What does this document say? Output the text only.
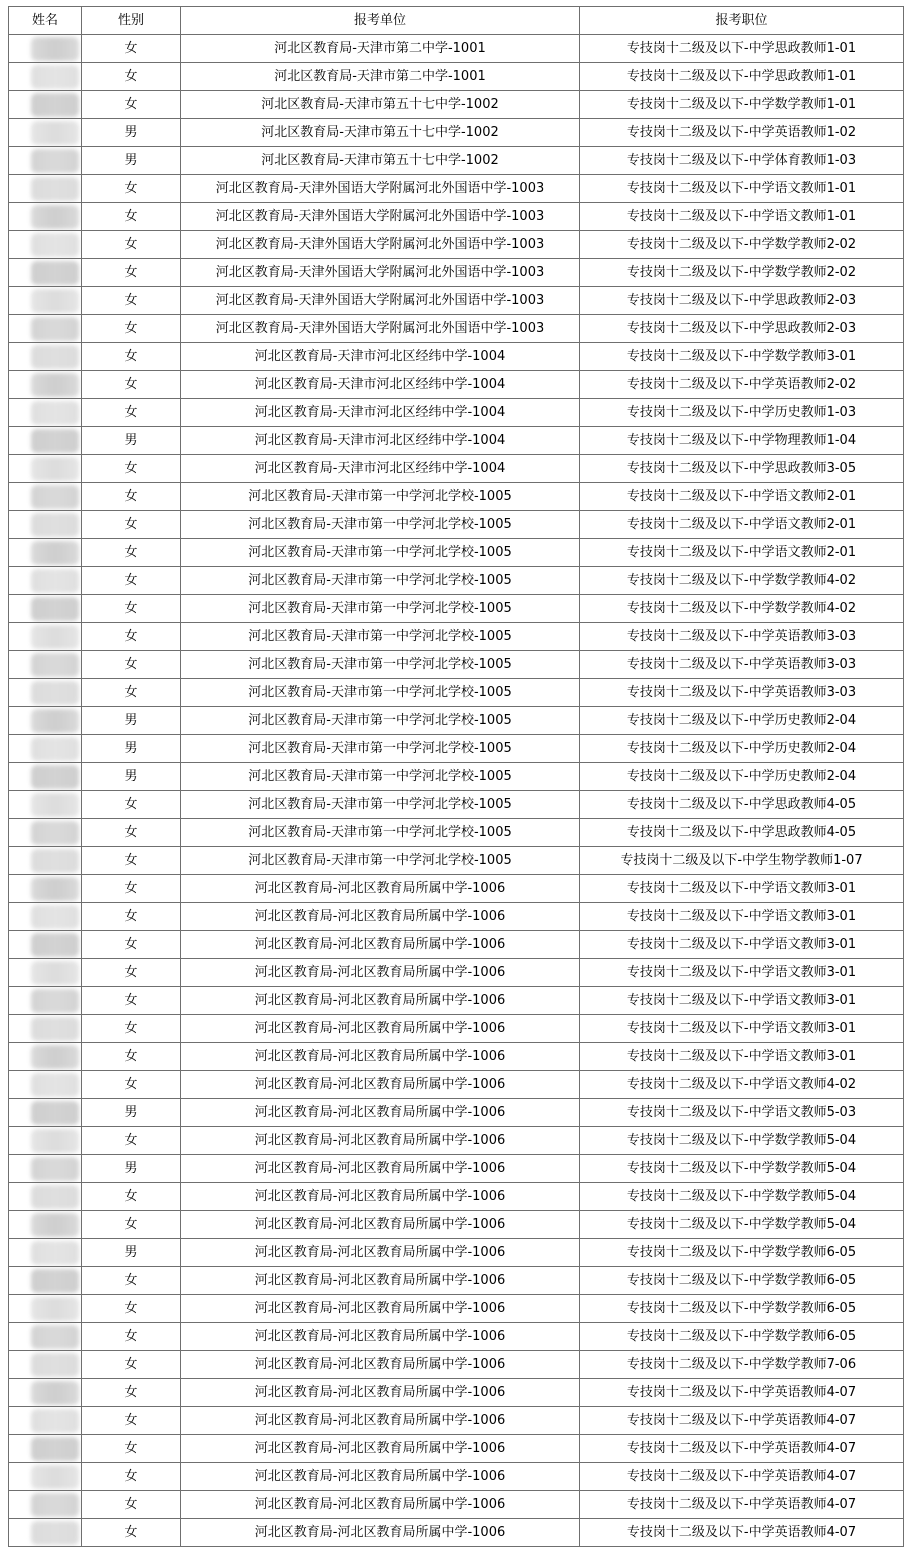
姓名	性别	报考单位	报考职位

	女	河北区教育局-天津市第二中学-1001	专技岗十二级及以下-中学思政教师1-01

	女	河北区教育局-天津市第二中学-1001	专技岗十二级及以下-中学思政教师1-01

	女	河北区教育局-天津市第五十七中学-1002	专技岗十二级及以下-中学数学教师1-01

	男	河北区教育局-天津市第五十七中学-1002	专技岗十二级及以下-中学英语教师1-02

	男	河北区教育局-天津市第五十七中学-1002	专技岗十二级及以下-中学体育教师1-03

	女	河北区教育局-天津外国语大学附属河北外国语中学-1003	专技岗十二级及以下-中学语文教师1-01

	女	河北区教育局-天津外国语大学附属河北外国语中学-1003	专技岗十二级及以下-中学语文教师1-01

	女	河北区教育局-天津外国语大学附属河北外国语中学-1003	专技岗十二级及以下-中学数学教师2-02

	女	河北区教育局-天津外国语大学附属河北外国语中学-1003	专技岗十二级及以下-中学数学教师2-02

	女	河北区教育局-天津外国语大学附属河北外国语中学-1003	专技岗十二级及以下-中学思政教师2-03

	女	河北区教育局-天津外国语大学附属河北外国语中学-1003	专技岗十二级及以下-中学思政教师2-03

	女	河北区教育局-天津市河北区经纬中学-1004	专技岗十二级及以下-中学数学教师3-01

	女	河北区教育局-天津市河北区经纬中学-1004	专技岗十二级及以下-中学英语教师2-02

	女	河北区教育局-天津市河北区经纬中学-1004	专技岗十二级及以下-中学历史教师1-03

	男	河北区教育局-天津市河北区经纬中学-1004	专技岗十二级及以下-中学物理教师1-04

	女	河北区教育局-天津市河北区经纬中学-1004	专技岗十二级及以下-中学思政教师3-05

	女	河北区教育局-天津市第一中学河北学校-1005	专技岗十二级及以下-中学语文教师2-01

	女	河北区教育局-天津市第一中学河北学校-1005	专技岗十二级及以下-中学语文教师2-01

	女	河北区教育局-天津市第一中学河北学校-1005	专技岗十二级及以下-中学语文教师2-01

	女	河北区教育局-天津市第一中学河北学校-1005	专技岗十二级及以下-中学数学教师4-02

	女	河北区教育局-天津市第一中学河北学校-1005	专技岗十二级及以下-中学数学教师4-02

	女	河北区教育局-天津市第一中学河北学校-1005	专技岗十二级及以下-中学英语教师3-03

	女	河北区教育局-天津市第一中学河北学校-1005	专技岗十二级及以下-中学英语教师3-03

	女	河北区教育局-天津市第一中学河北学校-1005	专技岗十二级及以下-中学英语教师3-03

	男	河北区教育局-天津市第一中学河北学校-1005	专技岗十二级及以下-中学历史教师2-04

	男	河北区教育局-天津市第一中学河北学校-1005	专技岗十二级及以下-中学历史教师2-04

	男	河北区教育局-天津市第一中学河北学校-1005	专技岗十二级及以下-中学历史教师2-04

	女	河北区教育局-天津市第一中学河北学校-1005	专技岗十二级及以下-中学思政教师4-05

	女	河北区教育局-天津市第一中学河北学校-1005	专技岗十二级及以下-中学思政教师4-05

	女	河北区教育局-天津市第一中学河北学校-1005	专技岗十二级及以下-中学生物学教师1-07

	女	河北区教育局-河北区教育局所属中学-1006	专技岗十二级及以下-中学语文教师3-01

	女	河北区教育局-河北区教育局所属中学-1006	专技岗十二级及以下-中学语文教师3-01

	女	河北区教育局-河北区教育局所属中学-1006	专技岗十二级及以下-中学语文教师3-01

	女	河北区教育局-河北区教育局所属中学-1006	专技岗十二级及以下-中学语文教师3-01

	女	河北区教育局-河北区教育局所属中学-1006	专技岗十二级及以下-中学语文教师3-01

	女	河北区教育局-河北区教育局所属中学-1006	专技岗十二级及以下-中学语文教师3-01

	女	河北区教育局-河北区教育局所属中学-1006	专技岗十二级及以下-中学语文教师3-01

	女	河北区教育局-河北区教育局所属中学-1006	专技岗十二级及以下-中学语文教师4-02

	男	河北区教育局-河北区教育局所属中学-1006	专技岗十二级及以下-中学语文教师5-03

	女	河北区教育局-河北区教育局所属中学-1006	专技岗十二级及以下-中学数学教师5-04

	男	河北区教育局-河北区教育局所属中学-1006	专技岗十二级及以下-中学数学教师5-04

	女	河北区教育局-河北区教育局所属中学-1006	专技岗十二级及以下-中学数学教师5-04

	女	河北区教育局-河北区教育局所属中学-1006	专技岗十二级及以下-中学数学教师5-04

	男	河北区教育局-河北区教育局所属中学-1006	专技岗十二级及以下-中学数学教师6-05

	女	河北区教育局-河北区教育局所属中学-1006	专技岗十二级及以下-中学数学教师6-05

	女	河北区教育局-河北区教育局所属中学-1006	专技岗十二级及以下-中学数学教师6-05

	女	河北区教育局-河北区教育局所属中学-1006	专技岗十二级及以下-中学数学教师6-05

	女	河北区教育局-河北区教育局所属中学-1006	专技岗十二级及以下-中学数学教师7-06

	女	河北区教育局-河北区教育局所属中学-1006	专技岗十二级及以下-中学英语教师4-07

	女	河北区教育局-河北区教育局所属中学-1006	专技岗十二级及以下-中学英语教师4-07

	女	河北区教育局-河北区教育局所属中学-1006	专技岗十二级及以下-中学英语教师4-07

	女	河北区教育局-河北区教育局所属中学-1006	专技岗十二级及以下-中学英语教师4-07

	女	河北区教育局-河北区教育局所属中学-1006	专技岗十二级及以下-中学英语教师4-07

	女	河北区教育局-河北区教育局所属中学-1006	专技岗十二级及以下-中学英语教师4-07
